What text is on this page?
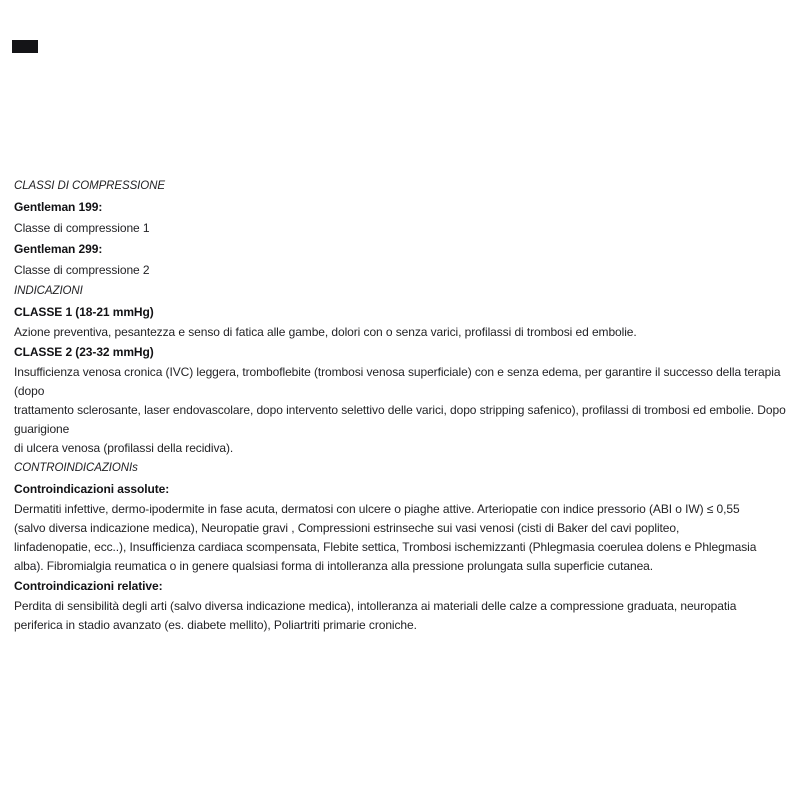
CLASSI DI COMPRESSIONE

Gentleman 199:

Classe di compressione 1

Gentleman 299:

Classe di compressione 2

INDICAZIONI

CLASSE 1 (18-21 mmHg)

Azione preventiva, pesantezza e senso di fatica alle gambe, dolori con o senza varici, profilassi di trombosi ed embolie.

CLASSE 2 (23-32 mmHg)

Insufficienza venosa cronica (IVC) leggera, tromboflebite (trombosi venosa superficiale) con e senza edema, per garantire il successo della terapia (dopo
trattamento sclerosante, laser endovascolare, dopo intervento selettivo delle varici, dopo stripping safenico), profilassi di trombosi ed embolie. Dopo guarigione
di ulcera venosa (profilassi della recidiva).

CONTROINDICAZIONIs

Controindicazioni assolute:

Dermatiti infettive, dermo-ipodermite in fase acuta, dermatosi con ulcere o piaghe attive. Arteriopatie con indice pressorio (ABI o IW) ≤ 0,55
(salvo diversa indicazione medica), Neuropatie gravi , Compressioni estrinseche sui vasi venosi (cisti di Baker del cavi popliteo,
linfadenopatie, ecc..), Insufficienza cardiaca scompensata, Flebite settica, Trombosi ischemizzanti (Phlegmasia coerulea dolens e Phlegmasia
alba). Fibromialgia reumatica o in genere qualsiasi forma di intolleranza alla pressione prolungata sulla superficie cutanea.

Controindicazioni relative:

Perdita di sensibilità degli arti (salvo diversa indicazione medica), intolleranza ai materiali delle calze a compressione graduata, neuropatia
periferica in stadio avanzato (es. diabete mellito), Poliartriti primarie croniche.
